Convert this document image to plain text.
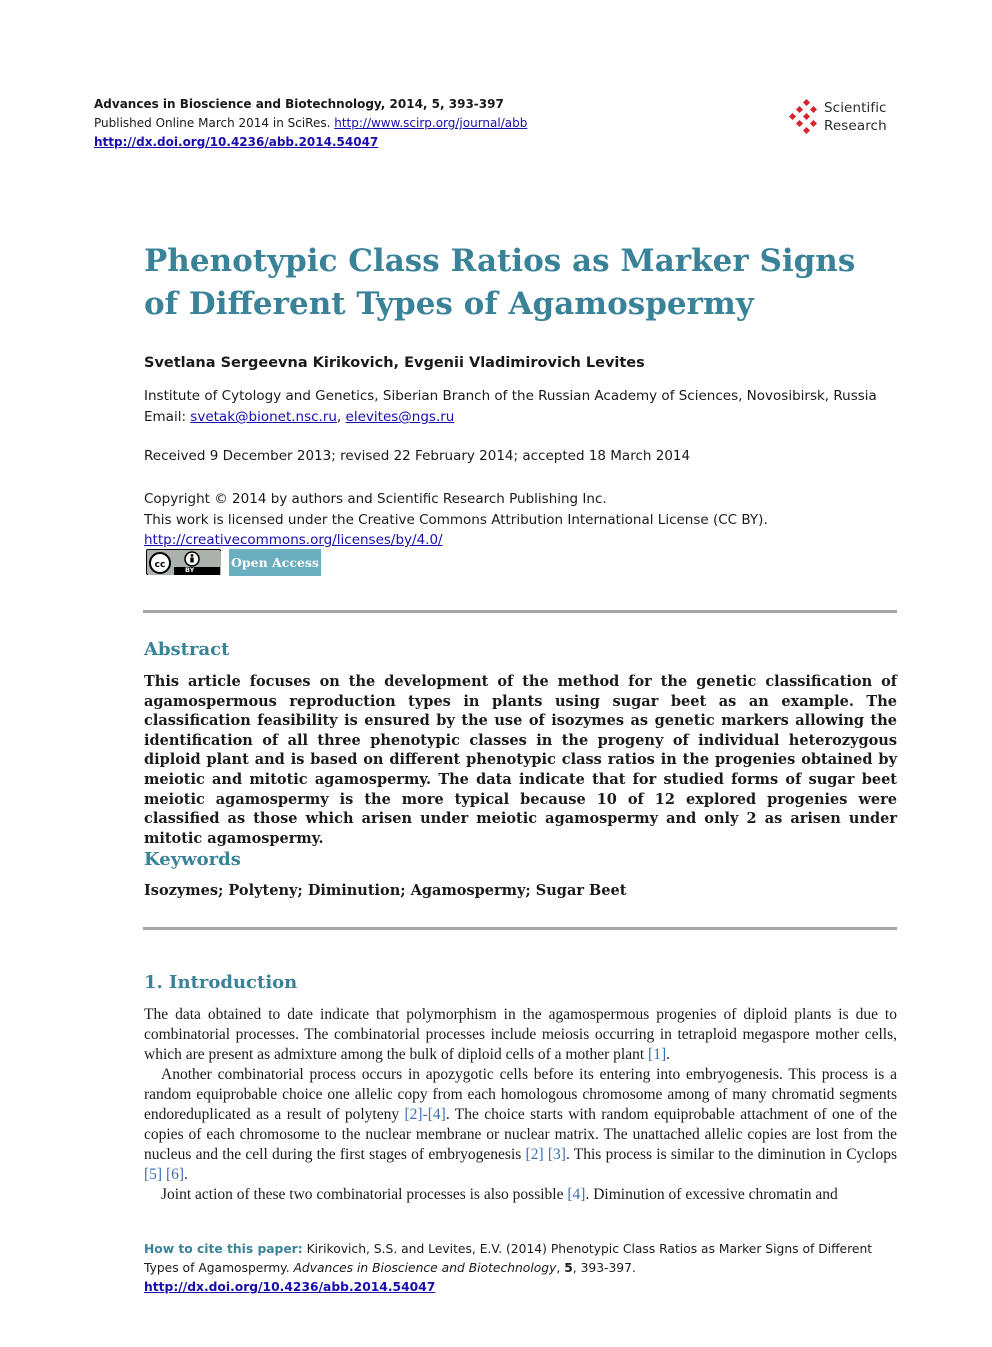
Advances in Bioscience and Biotechnology, 2014, 5, 393-397
Published Online March 2014 in SciRes. http://www.scirp.org/journal/abb
http://dx.doi.org/10.4236/abb.2014.54047
Scientific
Research
Phenotypic Class Ratios as Marker Signs of Different Types of Agamospermy
Svetlana Sergeevna Kirikovich, Evgenii Vladimirovich Levites
Institute of Cytology and Genetics, Siberian Branch of the Russian Academy of Sciences, Novosibirsk, Russia
Email: svetak@bionet.nsc.ru, elevites@ngs.ru
Received 9 December 2013; revised 22 February 2014; accepted 18 March 2014
Copyright © 2014 by authors and Scientific Research Publishing Inc.
This work is licensed under the Creative Commons Attribution International License (CC BY).
http://creativecommons.org/licenses/by/4.0/
cc	BY	Open Access
Abstract

This article focuses on the development of the method for the genetic classification of agamospermous reproduction types in plants using sugar beet as an example. The classification feasibility is ensured by the use of isozymes as genetic markers allowing the identification of all three phenotypic classes in the progeny of individual heterozygous diploid plant and is based on different phenotypic class ratios in the progenies obtained by meiotic and mitotic agamospermy. The data indicate that for studied forms of sugar beet meiotic agamospermy is the more typical because 10 of 12 explored progenies were classified as those which arisen under meiotic agamospermy and only 2 as arisen under mitotic agamospermy.

Keywords
Isozymes; Polyteny; Diminution; Agamospermy; Sugar Beet
1. Introduction

The data obtained to date indicate that polymorphism in the agamospermous progenies of diploid plants is due to combinatorial processes. The combinatorial processes include meiosis occurring in tetraploid megaspore mother cells, which are present as admixture among the bulk of diploid cells of a mother plant [1].

Another combinatorial process occurs in apozygotic cells before its entering into embryogenesis. This process is a random equiprobable choice one allelic copy from each homologous chromosome among of many chromatid segments endoreduplicated as a result of polyteny [2]-[4]. The choice starts with random equiprobable attachment of one of the copies of each chromosome to the nuclear membrane or nuclear matrix. The unattached allelic copies are lost from the nucleus and the cell during the first stages of embryogenesis [2] [3]. This process is similar to the diminution in Cyclops [5] [6].

Joint action of these two combinatorial processes is also possible [4]. Diminution of excessive chromatin and

How to cite this paper: Kirikovich, S.S. and Levites, E.V. (2014) Phenotypic Class Ratios as Marker Signs of Different Types of Agamospermy. Advances in Bioscience and Biotechnology, 5, 393-397. http://dx.doi.org/10.4236/abb.2014.54047
